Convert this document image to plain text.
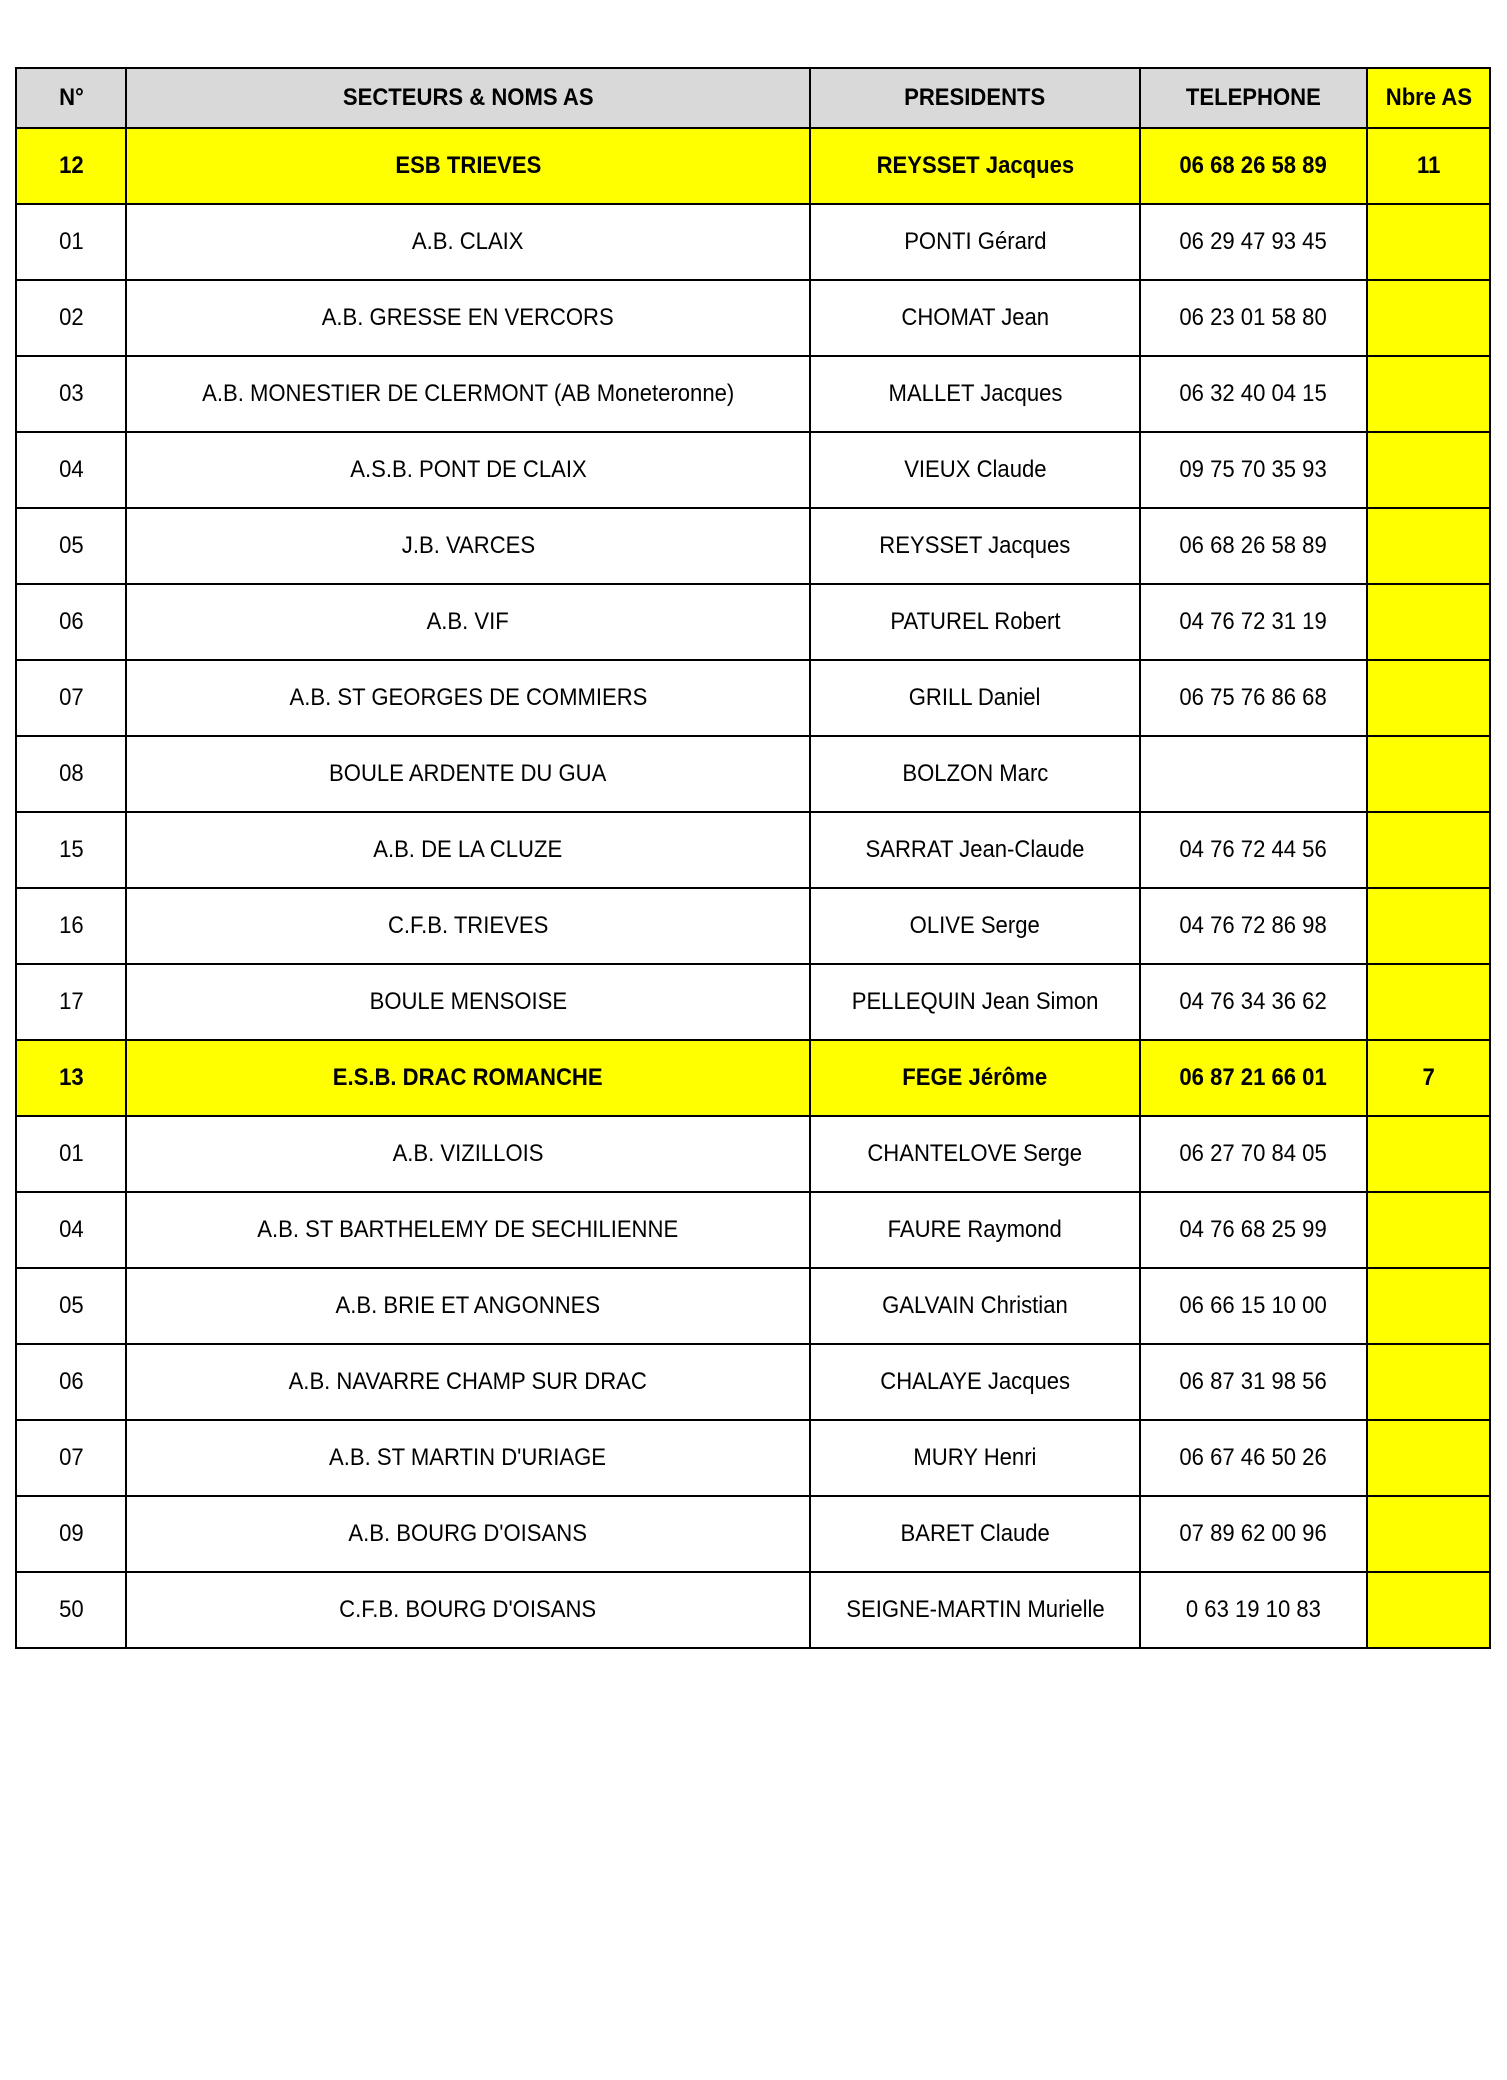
N°	SECTEURS & NOMS AS	PRESIDENTS	TELEPHONE	Nbre AS
12	ESB TRIEVES	REYSSET Jacques	06 68 26 58 89	11
01	A.B. CLAIX	PONTI Gérard	06 29 47 93 45	
02	A.B. GRESSE EN VERCORS	CHOMAT Jean	06 23 01 58 80	
03	A.B. MONESTIER DE CLERMONT (AB Moneteronne)	MALLET Jacques	06 32 40 04 15	
04	A.S.B. PONT DE CLAIX	VIEUX Claude	09 75 70 35 93	
05	J.B. VARCES	REYSSET Jacques	06 68 26 58 89	
06	A.B. VIF	PATUREL Robert	04 76 72 31 19	
07	A.B. ST GEORGES DE COMMIERS	GRILL Daniel	06 75 76 86 68	
08	BOULE ARDENTE DU GUA	BOLZON Marc		
15	A.B. DE LA CLUZE	SARRAT Jean-Claude	04 76 72 44 56	
16	C.F.B. TRIEVES	OLIVE Serge	04 76 72 86 98	
17	BOULE MENSOISE	PELLEQUIN Jean Simon	04 76 34 36 62	
13	E.S.B. DRAC ROMANCHE	FEGE Jérôme	06 87 21 66 01	7
01	A.B. VIZILLOIS	CHANTELOVE Serge	06 27 70 84 05	
04	A.B. ST BARTHELEMY DE SECHILIENNE	FAURE Raymond	04 76 68 25 99	
05	A.B. BRIE ET ANGONNES	GALVAIN Christian	06 66 15 10 00	
06	A.B. NAVARRE CHAMP SUR DRAC	CHALAYE Jacques	06 87 31 98 56	
07	A.B. ST MARTIN D'URIAGE	MURY Henri	06 67 46 50 26	
09	A.B. BOURG D'OISANS	BARET Claude	07 89 62 00 96	
50	C.F.B. BOURG D'OISANS	SEIGNE-MARTIN Murielle	0 63 19 10 83	
